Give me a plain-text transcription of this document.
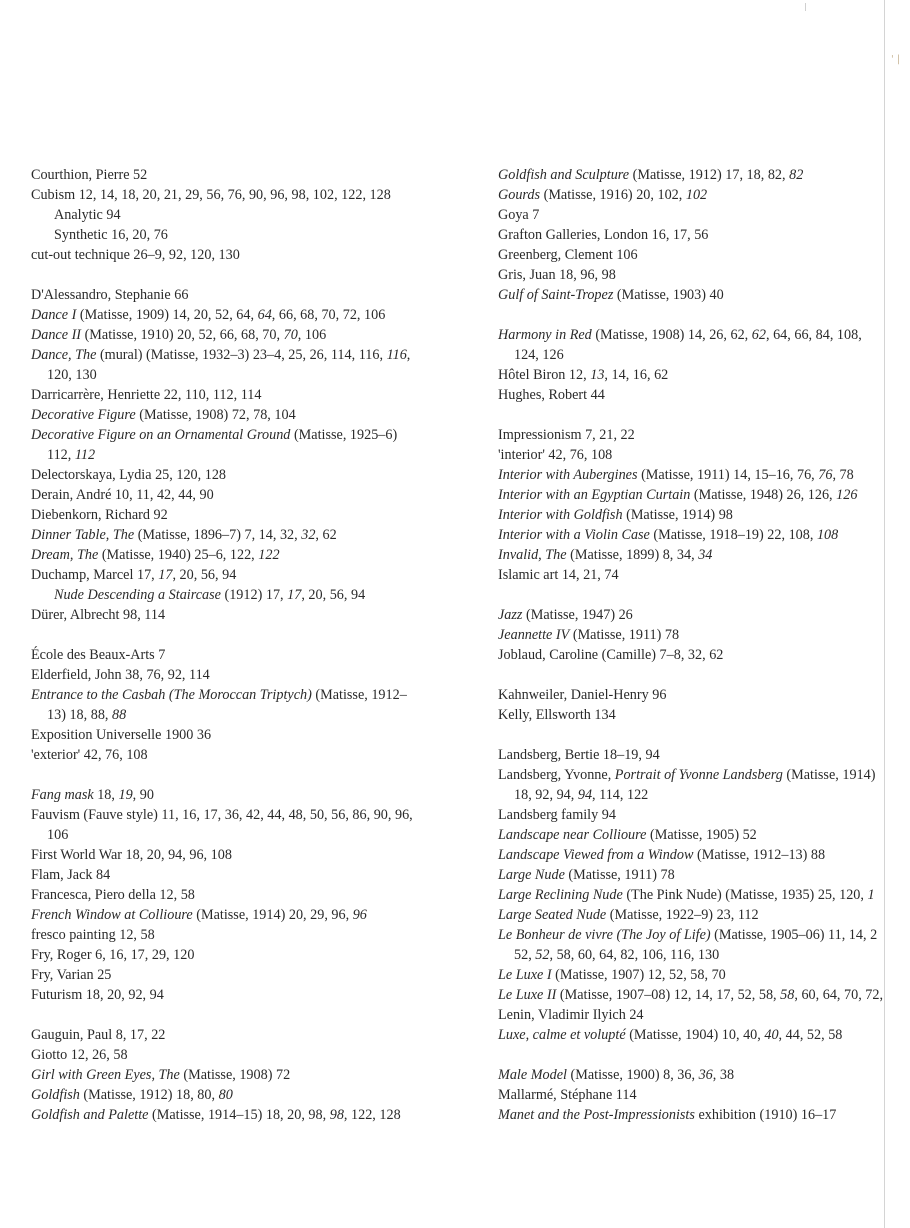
|
' |
Courthion, Pierre 52
Cubism 12, 14, 18, 20, 21, 29, 56, 76, 90, 96, 98, 102, 122, 128
Analytic 94
Synthetic 16, 20, 76
cut-out technique 26–9, 92, 120, 130
D'Alessandro, Stephanie 66
Dance I (Matisse, 1909) 14, 20, 52, 64, 64, 66, 68, 70, 72, 106
Dance II (Matisse, 1910) 20, 52, 66, 68, 70, 70, 106
Dance, The (mural) (Matisse, 1932–3) 23–4, 25, 26, 114, 116, 116,
120, 130
Darricarrère, Henriette 22, 110, 112, 114
Decorative Figure (Matisse, 1908) 72, 78, 104
Decorative Figure on an Ornamental Ground (Matisse, 1925–6)
112, 112
Delectorskaya, Lydia 25, 120, 128
Derain, André 10, 11, 42, 44, 90
Diebenkorn, Richard 92
Dinner Table, The (Matisse, 1896–7) 7, 14, 32, 32, 62
Dream, The (Matisse, 1940) 25–6, 122, 122
Duchamp, Marcel 17, 17, 20, 56, 94
Nude Descending a Staircase (1912) 17, 17, 20, 56, 94
Dürer, Albrecht 98, 114
École des Beaux-Arts 7
Elderfield, John 38, 76, 92, 114
Entrance to the Casbah (The Moroccan Triptych) (Matisse, 1912–
13) 18, 88, 88
Exposition Universelle 1900 36
'exterior' 42, 76, 108
Fang mask 18, 19, 90
Fauvism (Fauve style) 11, 16, 17, 36, 42, 44, 48, 50, 56, 86, 90, 96,
106
First World War 18, 20, 94, 96, 108
Flam, Jack 84
Francesca, Piero della 12, 58
French Window at Collioure (Matisse, 1914) 20, 29, 96, 96
fresco painting 12, 58
Fry, Roger 6, 16, 17, 29, 120
Fry, Varian 25
Futurism 18, 20, 92, 94
Gauguin, Paul 8, 17, 22
Giotto 12, 26, 58
Girl with Green Eyes, The (Matisse, 1908) 72
Goldfish (Matisse, 1912) 18, 80, 80
Goldfish and Palette (Matisse, 1914–15) 18, 20, 98, 98, 122, 128
Goldfish and Sculpture (Matisse, 1912) 17, 18, 82, 82
Gourds (Matisse, 1916) 20, 102, 102
Goya 7
Grafton Galleries, London 16, 17, 56
Greenberg, Clement 106
Gris, Juan 18, 96, 98
Gulf of Saint-Tropez (Matisse, 1903) 40
Harmony in Red (Matisse, 1908) 14, 26, 62, 62, 64, 66, 84, 108,
124, 126
Hôtel Biron 12, 13, 14, 16, 62
Hughes, Robert 44
Impressionism 7, 21, 22
'interior' 42, 76, 108
Interior with Aubergines (Matisse, 1911) 14, 15–16, 76, 76, 78
Interior with an Egyptian Curtain (Matisse, 1948) 26, 126, 126
Interior with Goldfish (Matisse, 1914) 98
Interior with a Violin Case (Matisse, 1918–19) 22, 108, 108
Invalid, The (Matisse, 1899) 8, 34, 34
Islamic art 14, 21, 74
Jazz (Matisse, 1947) 26
Jeannette IV (Matisse, 1911) 78
Joblaud, Caroline (Camille) 7–8, 32, 62
Kahnweiler, Daniel-Henry 96
Kelly, Ellsworth 134
Landsberg, Bertie 18–19, 94
Landsberg, Yvonne, Portrait of Yvonne Landsberg (Matisse, 1914)
18, 92, 94, 94, 114, 122
Landsberg family 94
Landscape near Collioure (Matisse, 1905) 52
Landscape Viewed from a Window (Matisse, 1912–13) 88
Large Nude (Matisse, 1911) 78
Large Reclining Nude (The Pink Nude) (Matisse, 1935) 25, 120, 1
Large Seated Nude (Matisse, 1922–9) 23, 112
Le Bonheur de vivre (The Joy of Life) (Matisse, 1905–06) 11, 14, 2
52, 52, 58, 60, 64, 82, 106, 116, 130
Le Luxe I (Matisse, 1907) 12, 52, 58, 70
Le Luxe II (Matisse, 1907–08) 12, 14, 17, 52, 58, 58, 60, 64, 70, 72,
Lenin, Vladimir Ilyich 24
Luxe, calme et volupté (Matisse, 1904) 10, 40, 40, 44, 52, 58
Male Model (Matisse, 1900) 8, 36, 36, 38
Mallarmé, Stéphane 114
Manet and the Post-Impressionists exhibition (1910) 16–17
